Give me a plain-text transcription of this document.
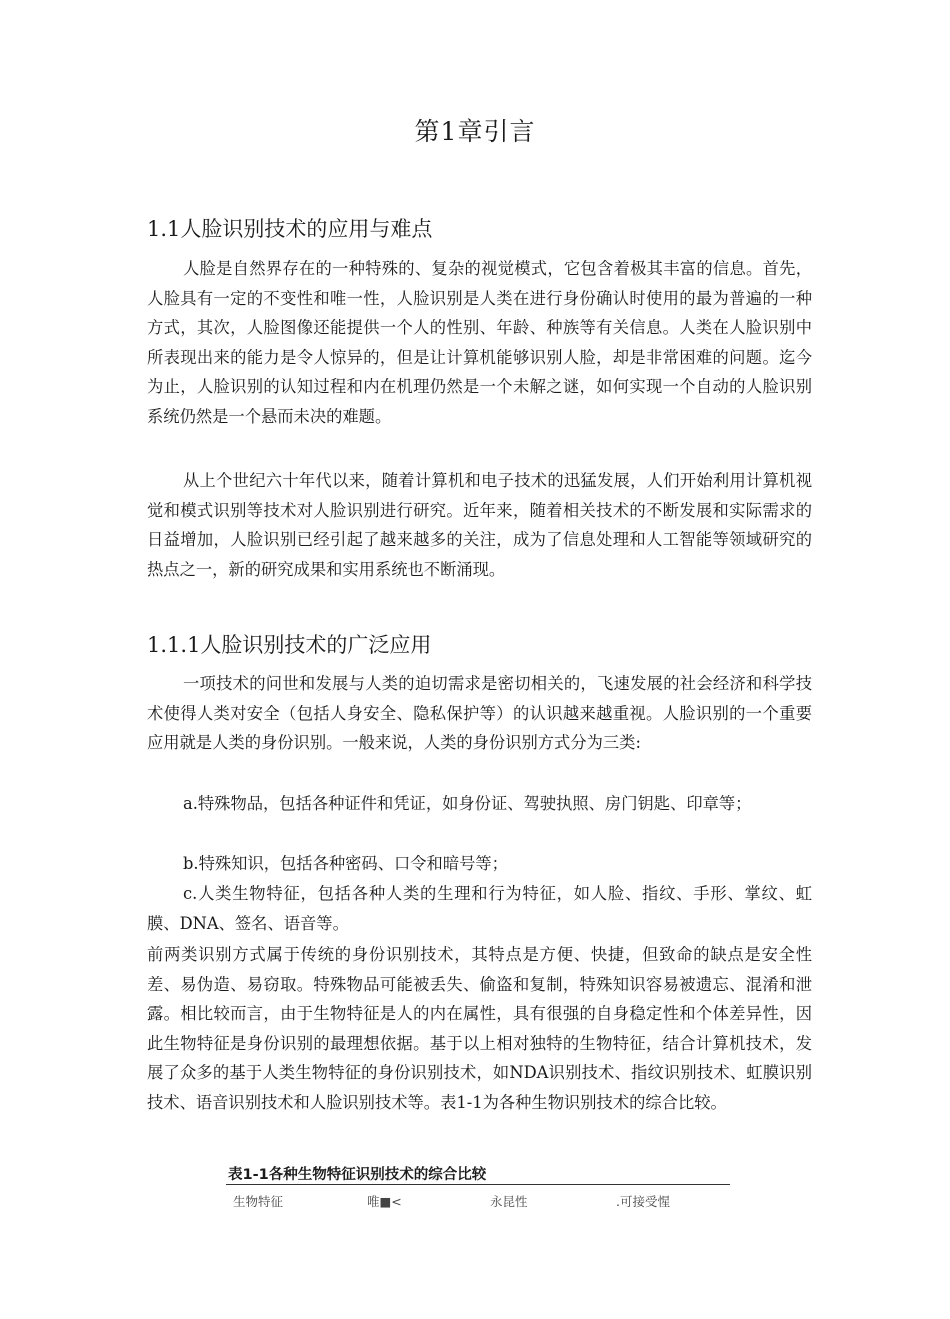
第1章引言
1.1人脸识别技术的应用与难点

人脸是自然界存在的一种特殊的、复杂的视觉模式，它包含着极其丰富的信息。首先，人脸具有一定的不变性和唯一性，人脸识别是人类在进行身份确认时使用的最为普遍的一种方式，其次，人脸图像还能提供一个人的性别、年龄、种族等有关信息。人类在人脸识别中所表现出来的能力是令人惊异的，但是让计算机能够识别人脸，却是非常困难的问题。迄今为止，人脸识别的认知过程和内在机理仍然是一个未解之谜，如何实现一个自动的人脸识别系统仍然是一个悬而未决的难题。

从上个世纪六十年代以来，随着计算机和电子技术的迅猛发展，人们开始利用计算机视觉和模式识别等技术对人脸识别进行研究。近年来，随着相关技术的不断发展和实际需求的日益增加，人脸识别已经引起了越来越多的关注，成为了信息处理和人工智能等领域研究的热点之一，新的研究成果和实用系统也不断涌现。

1.1.1人脸识别技术的广泛应用

一项技术的问世和发展与人类的迫切需求是密切相关的，飞速发展的社会经济和科学技术使得人类对安全（包括人身安全、隐私保护等）的认识越来越重视。人脸识别的一个重要应用就是人类的身份识别。一般来说，人类的身份识别方式分为三类:

a.特殊物品，包括各种证件和凭证，如身份证、驾驶执照、房门钥匙、印章等；

b.特殊知识，包括各种密码、口令和暗号等；

c.人类生物特征，包括各种人类的生理和行为特征，如人脸、指纹、手形、掌纹、虹膜、DNA、签名、语音等。

前两类识别方式属于传统的身份识别技术，其特点是方便、快捷，但致命的缺点是安全性差、易伪造、易窃取。特殊物品可能被丢失、偷盗和复制，特殊知识容易被遗忘、混淆和泄露。相比较而言，由于生物特征是人的内在属性，具有很强的自身稳定性和个体差异性，因此生物特征是身份识别的最理想依据。基于以上相对独特的生物特征，结合计算机技术，发展了众多的基于人类生物特征的身份识别技术，如NDA识别技术、指纹识别技术、虹膜识别技术、语音识别技术和人脸识别技术等。表1-1为各种生物识别技术的综合比较。

表1-1各种生物特征识别技术的综合比较
生物特征	唯■<	永昆性	.可接受惺
